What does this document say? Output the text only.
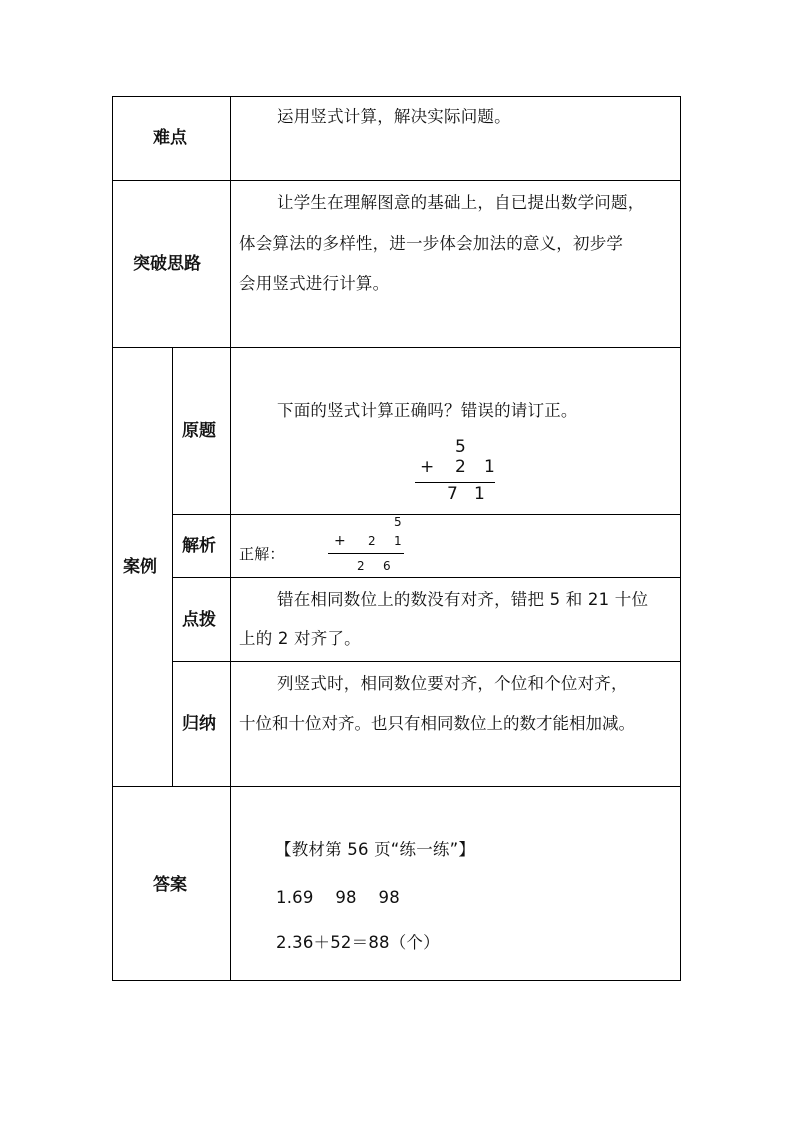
难点
运用竖式计算，解决实际问题。
突破思路
让学生在理解图意的基础上，自已提出数学问题，
体会算法的多样性，进一步体会加法的意义，初步学
会用竖式进行计算。
案例
原题
下面的竖式计算正确吗？错误的请订正。
5
+ 2 1
7 1
解析 正解：
5
+ 2 1
2 6
点拨
错在相同数位上的数没有对齐，错把 5 和 21 十位
上的 2 对齐了。
归纳
列竖式时，相同数位要对齐，个位和个位对齐，
十位和十位对齐。也只有相同数位上的数才能相加减。
答案
【教材第 56 页“练一练”】
1.69    98    98
2.36＋52＝88（个）
